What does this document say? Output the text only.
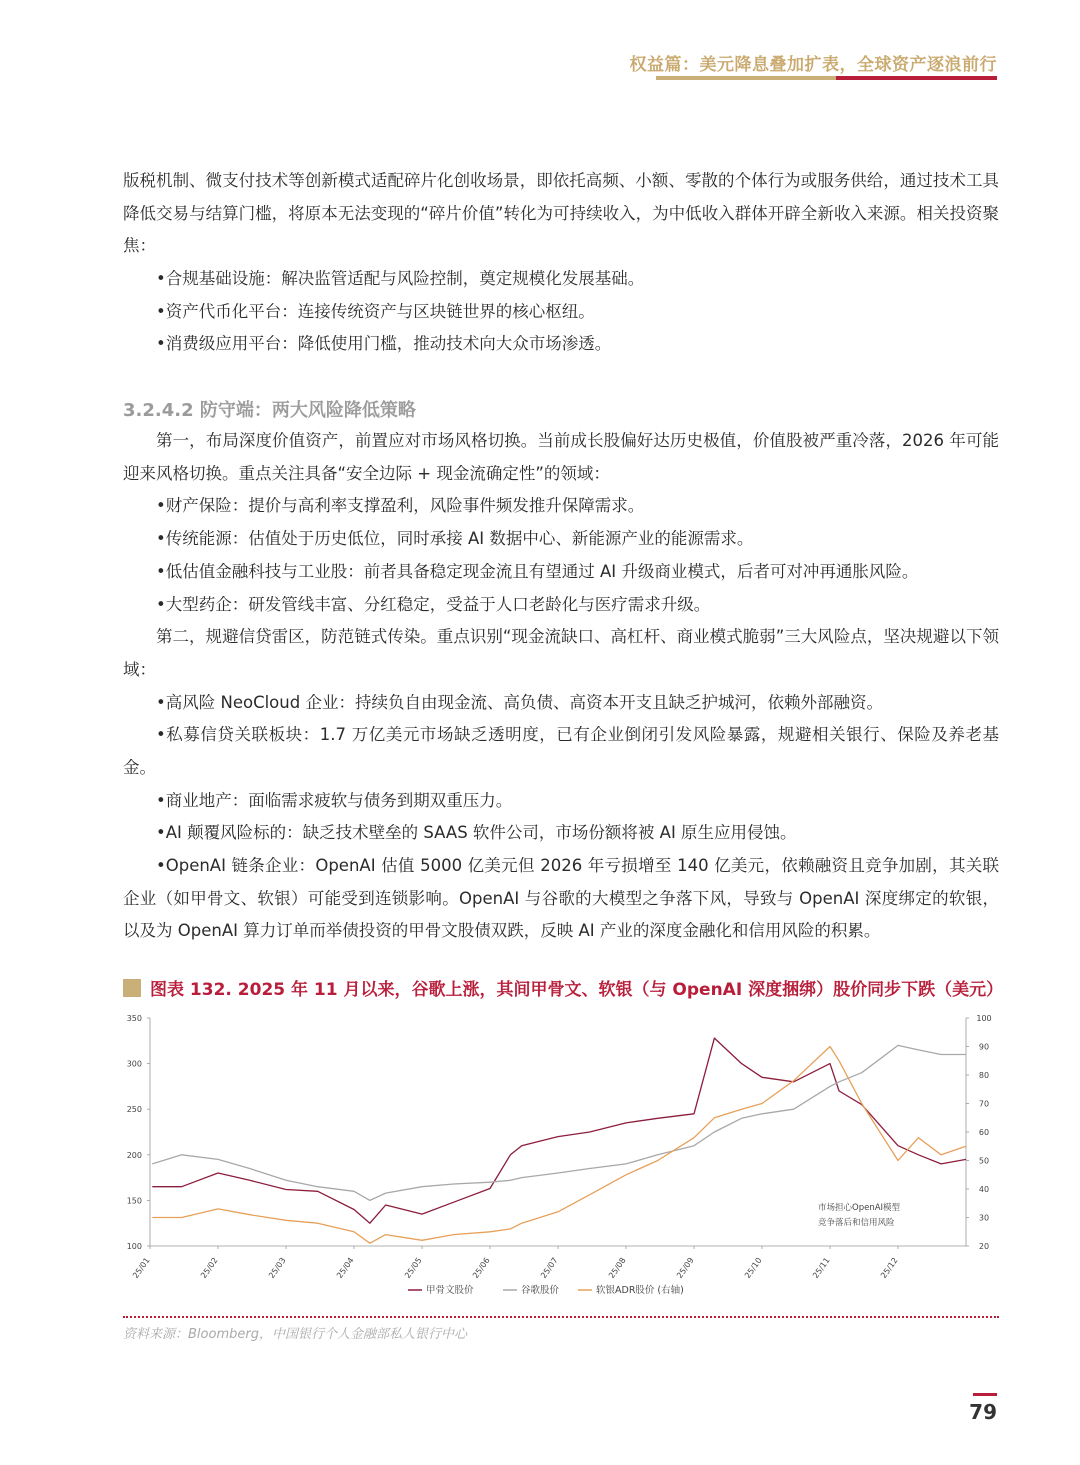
权益篇：美元降息叠加扩表，全球资产逐浪前行
版税机制、微支付技术等创新模式适配碎片化创收场景，即依托高频、小额、零散的个体行为或服务供给，通过技术工具降低交易与结算门槛，将原本无法变现的“碎片价值”转化为可持续收入，为中低收入群体开辟全新收入来源。相关投资聚焦：
•合规基础设施：解决监管适配与风险控制，奠定规模化发展基础。
•资产代币化平台：连接传统资产与区块链世界的核心枢纽。
•消费级应用平台：降低使用门槛，推动技术向大众市场渗透。
3.2.4.2 防守端：两大风险降低策略
第一，布局深度价值资产，前置应对市场风格切换。当前成长股偏好达历史极值，价值股被严重冷落，2026 年可能迎来风格切换。重点关注具备“安全边际 + 现金流确定性”的领域：
•财产保险：提价与高利率支撑盈利，风险事件频发推升保障需求。
•传统能源：估值处于历史低位，同时承接 AI 数据中心、新能源产业的能源需求。
•低估值金融科技与工业股：前者具备稳定现金流且有望通过 AI 升级商业模式，后者可对冲再通胀风险。
•大型药企：研发管线丰富、分红稳定，受益于人口老龄化与医疗需求升级。
第二，规避信贷雷区，防范链式传染。重点识别“现金流缺口、高杠杆、商业模式脆弱”三大风险点，坚决规避以下领域：
•高风险 NeoCloud 企业：持续负自由现金流、高负债、高资本开支且缺乏护城河，依赖外部融资。
•私募信贷关联板块：1.7 万亿美元市场缺乏透明度，已有企业倒闭引发风险暴露，规避相关银行、保险及养老基金。
•商业地产：面临需求疲软与债务到期双重压力。
•AI 颠覆风险标的：缺乏技术壁垒的 SAAS 软件公司，市场份额将被 AI 原生应用侵蚀。
•OpenAI 链条企业：OpenAI 估值 5000 亿美元但 2026 年亏损增至 140 亿美元，依赖融资且竞争加剧，其关联企业（如甲骨文、软银）可能受到连锁影响。OpenAI 与谷歌的大模型之争落下风，导致与 OpenAI 深度绑定的软银，以及为 OpenAI 算力订单而举债投资的甲骨文股债双跌，反映 AI 产业的深度金融化和信用风险的积累。
图表 132. 2025 年 11 月以来，谷歌上涨，其间甲骨文、软银（与 OpenAI 深度捆绑）股价同步下跌（美元）
100
150
200
250
300
350
20
30
40
50
60
70
80
90
100
25/01	25/02	25/03	25/04	25/05	25/06	25/07	25/08	25/09	25/10	25/11	25/12
市场担心OpenAI模型
竞争落后和信用风险
甲骨文股价	谷歌股价	软银ADR股价 (右轴)
资料来源：Bloomberg，中国银行个人金融部私人银行中心
79
